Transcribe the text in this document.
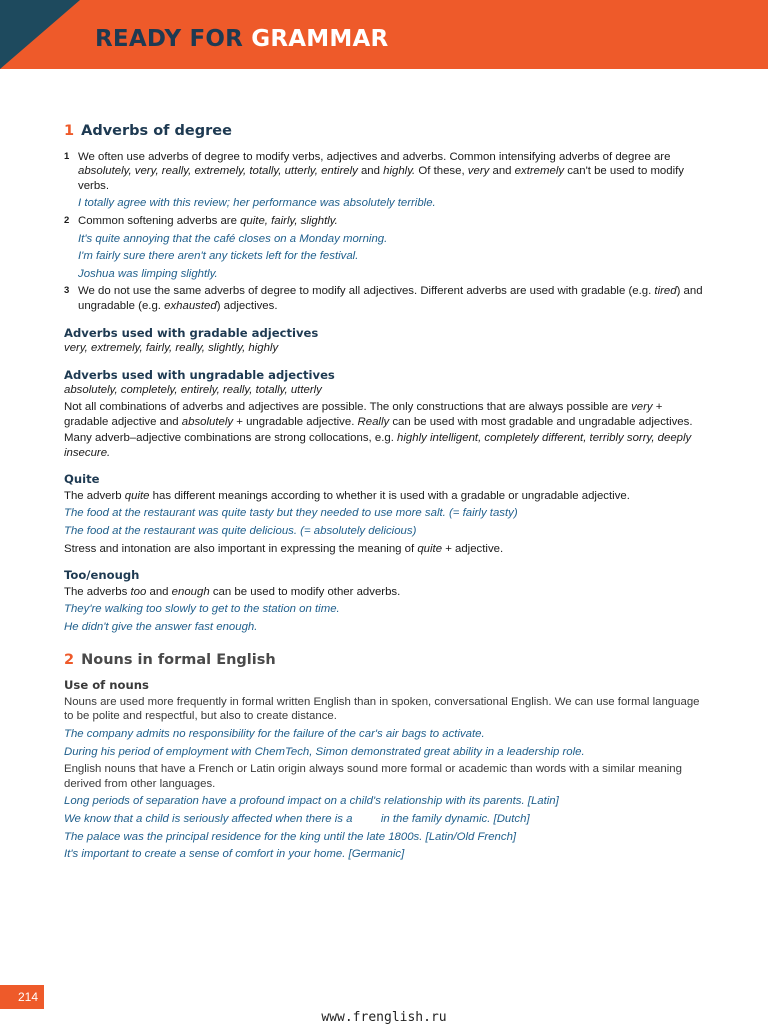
READY FOR GRAMMAR
1 Adverbs of degree
1 We often use adverbs of degree to modify verbs, adjectives and adverbs. Common intensifying adverbs of degree are absolutely, very, really, extremely, totally, utterly, entirely and highly. Of these, very and extremely can't be used to modify verbs.
I totally agree with this review; her performance was absolutely terrible.
2 Common softening adverbs are quite, fairly, slightly.
It's quite annoying that the café closes on a Monday morning.
I'm fairly sure there aren't any tickets left for the festival.
Joshua was limping slightly.
3 We do not use the same adverbs of degree to modify all adjectives. Different adverbs are used with gradable (e.g. tired) and ungradable (e.g. exhausted) adjectives.
Adverbs used with gradable adjectives
very, extremely, fairly, really, slightly, highly
Adverbs used with ungradable adjectives
absolutely, completely, entirely, really, totally, utterly
Not all combinations of adverbs and adjectives are possible. The only constructions that are always possible are very + gradable adjective and absolutely + ungradable adjective. Really can be used with most gradable and ungradable adjectives.
Many adverb–adjective combinations are strong collocations, e.g. highly intelligent, completely different, terribly sorry, deeply insecure.
Quite
The adverb quite has different meanings according to whether it is used with a gradable or ungradable adjective.
The food at the restaurant was quite tasty but they needed to use more salt. (= fairly tasty)
The food at the restaurant was quite delicious. (= absolutely delicious)
Stress and intonation are also important in expressing the meaning of quite + adjective.
Too/enough
The adverbs too and enough can be used to modify other adverbs.
They're walking too slowly to get to the station on time.
He didn't give the answer fast enough.
2 Nouns in formal English
Use of nouns
Nouns are used more frequently in formal written English than in spoken, conversational English. We can use formal language to be polite and respectful, but also to create distance.
The company admits no responsibility for the failure of the car's air bags to activate.
During his period of employment with ChemTech, Simon demonstrated great ability in a leadership role.
English nouns that have a French or Latin origin always sound more formal or academic than words with a similar meaning derived from other languages.
Long periods of separation have a profound impact on a child's relationship with its parents. [Latin]
We know that a child is seriously affected when there is a in the family dynamic. [Dutch]
The palace was the principal residence for the king until the late 1800s. [Latin/Old French]
It's important to create a sense of comfort in your home. [Germanic]
214
www.frenglish.ru
